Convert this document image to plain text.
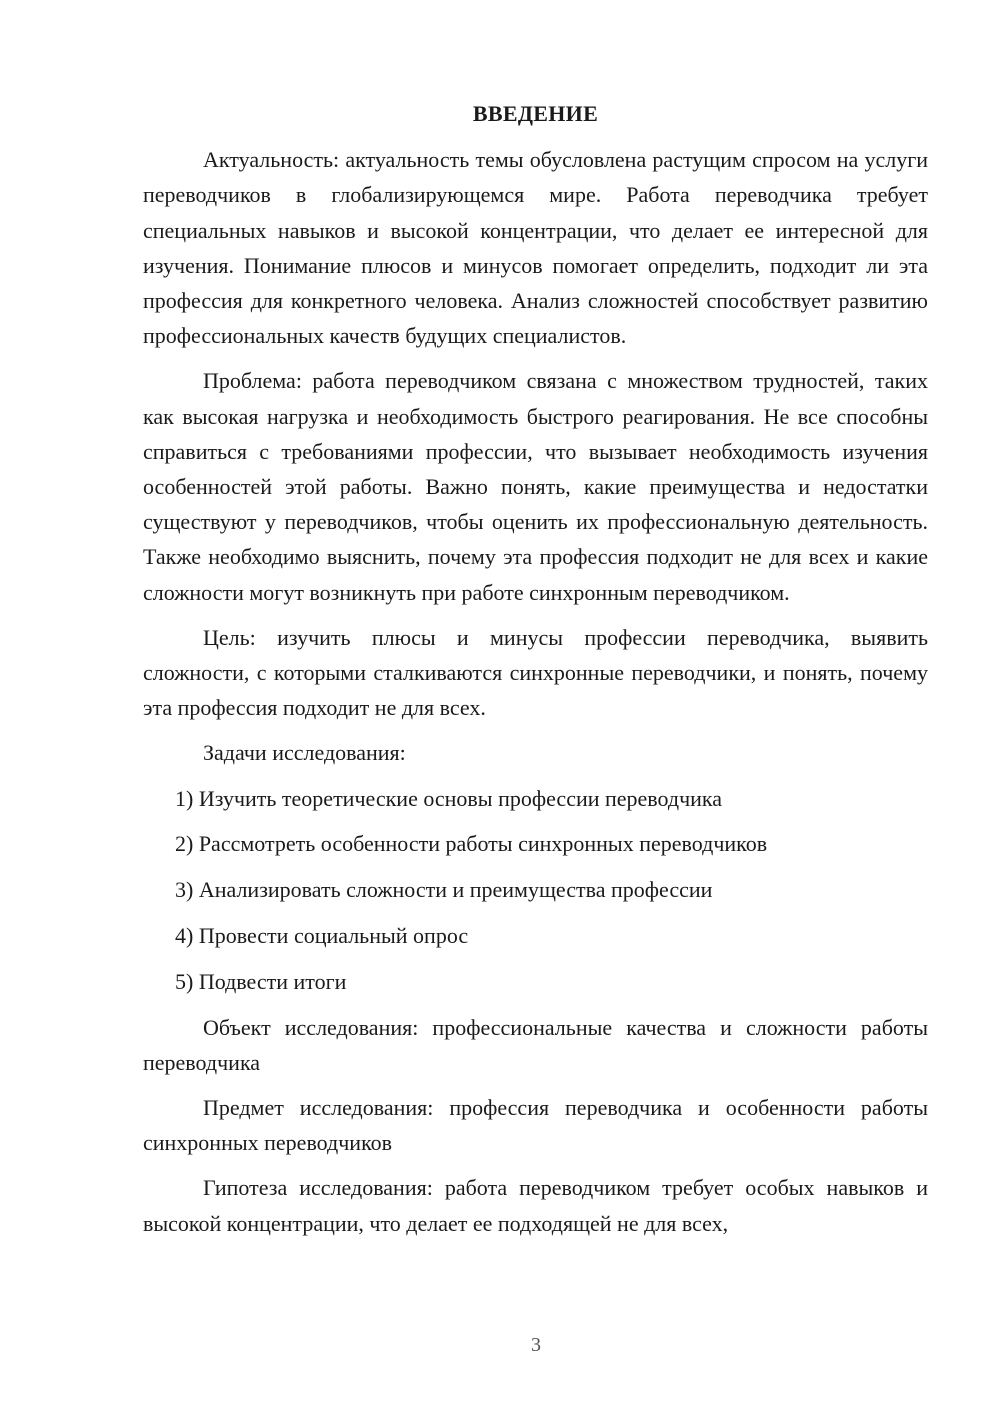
ВВЕДЕНИЕ

Актуальность: актуальность темы обусловлена растущим спросом на услуги переводчиков в глобализирующемся мире. Работа переводчика требует специальных навыков и высокой концентрации, что делает ее интересной для изучения. Понимание плюсов и минусов помогает определить, подходит ли эта профессия для конкретного человека. Анализ сложностей способствует развитию профессиональных качеств будущих специалистов.

Проблема: работа переводчиком связана с множеством трудностей, таких как высокая нагрузка и необходимость быстрого реагирования. Не все способны справиться с требованиями профессии, что вызывает необходимость изучения особенностей этой работы. Важно понять, какие преимущества и недостатки существуют у переводчиков, чтобы оценить их профессиональную деятельность. Также необходимо выяснить, почему эта профессия подходит не для всех и какие сложности могут возникнуть при работе синхронным переводчиком.

Цель: изучить плюсы и минусы профессии переводчика, выявить сложности, с которыми сталкиваются синхронные переводчики, и понять, почему эта профессия подходит не для всех.

Задачи исследования:

1) Изучить теоретические основы профессии переводчика
2) Рассмотреть особенности работы синхронных переводчиков
3) Анализировать сложности и преимущества профессии
4) Провести социальный опрос
5) Подвести итоги

Объект исследования: профессиональные качества и сложности работы переводчика

Предмет исследования: профессия переводчика и особенности работы синхронных переводчиков

Гипотеза исследования: работа переводчиком требует особых навыков и высокой концентрации, что делает ее подходящей не для всех,

3
